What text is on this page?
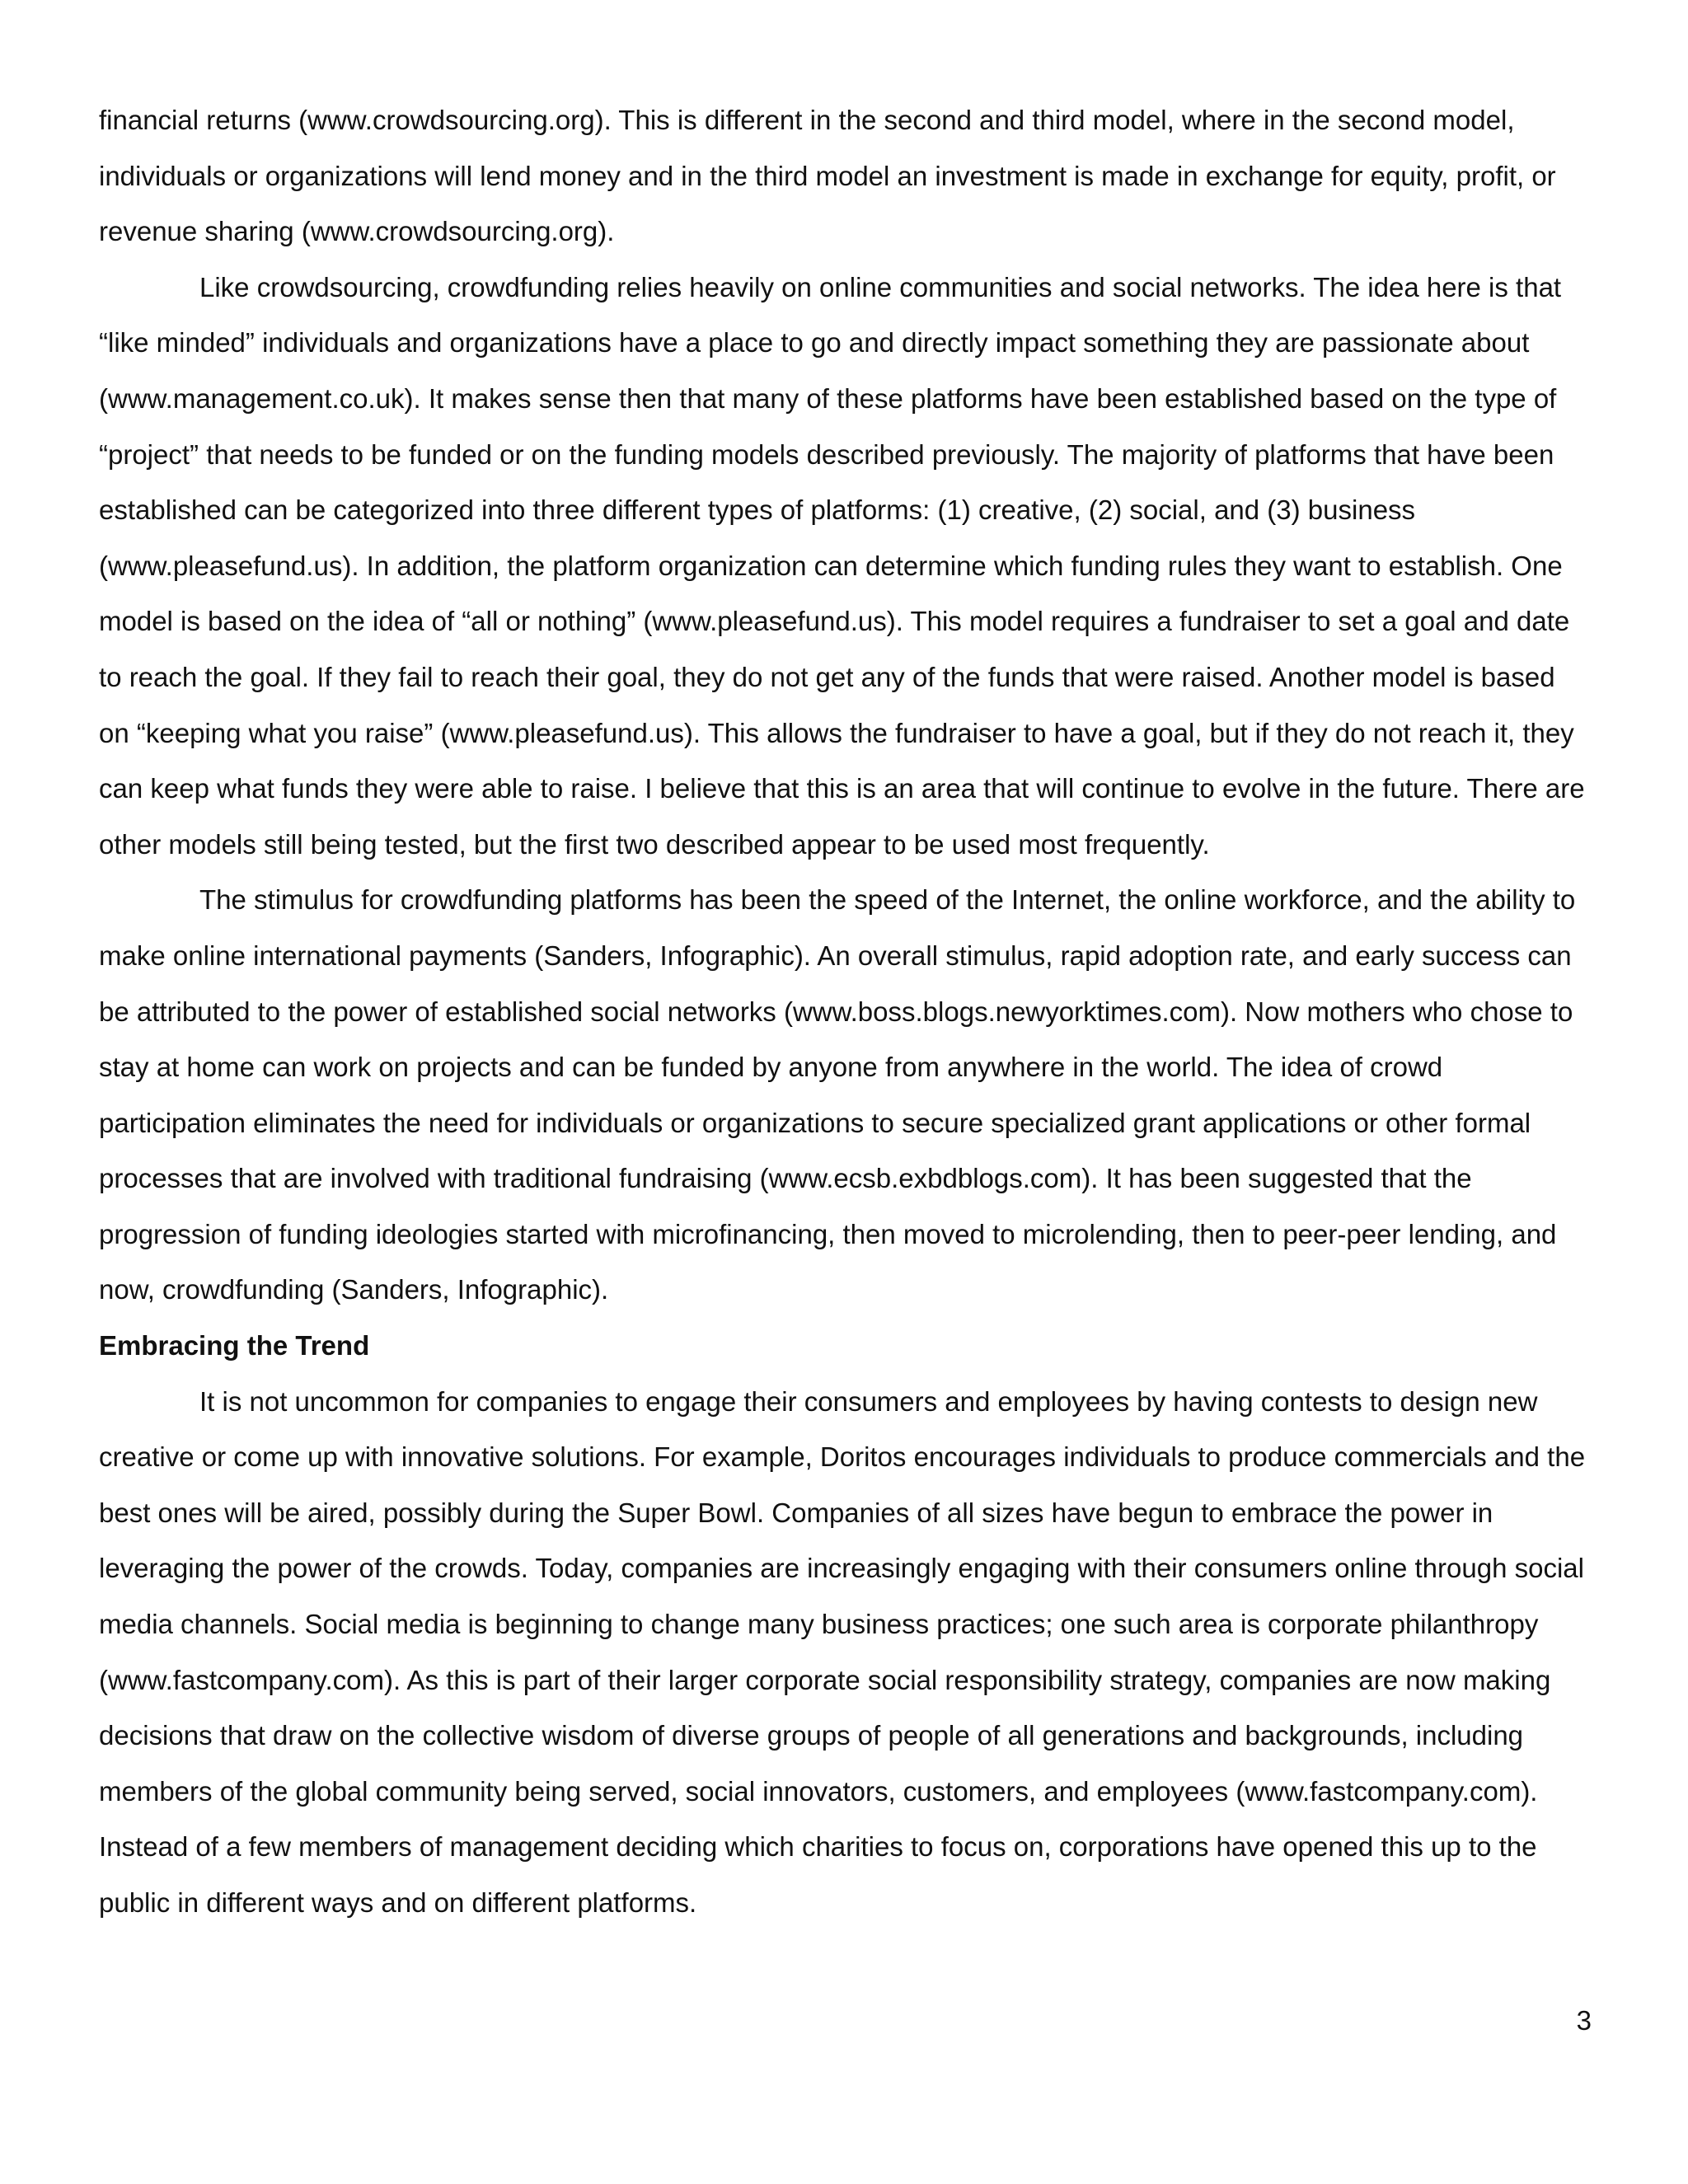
financial returns (www.crowdsourcing.org). This is different in the second and third model, where in the second model, individuals or organizations will lend money and in the third model an investment is made in exchange for equity, profit, or revenue sharing (www.crowdsourcing.org).

Like crowdsourcing, crowdfunding relies heavily on online communities and social networks. The idea here is that “like minded” individuals and organizations have a place to go and directly impact something they are passionate about (www.management.co.uk). It makes sense then that many of these platforms have been established based on the type of “project” that needs to be funded or on the funding models described previously. The majority of platforms that have been established can be categorized into three different types of platforms: (1) creative, (2) social, and (3) business (www.pleasefund.us). In addition, the platform organization can determine which funding rules they want to establish. One model is based on the idea of “all or nothing” (www.pleasefund.us). This model requires a fundraiser to set a goal and date to reach the goal. If they fail to reach their goal, they do not get any of the funds that were raised. Another model is based on “keeping what you raise” (www.pleasefund.us). This allows the fundraiser to have a goal, but if they do not reach it, they can keep what funds they were able to raise. I believe that this is an area that will continue to evolve in the future. There are other models still being tested, but the first two described appear to be used most frequently.

The stimulus for crowdfunding platforms has been the speed of the Internet, the online workforce, and the ability to make online international payments (Sanders, Infographic). An overall stimulus, rapid adoption rate, and early success can be attributed to the power of established social networks (www.boss.blogs.newyorktimes.com). Now mothers who chose to stay at home can work on projects and can be funded by anyone from anywhere in the world. The idea of crowd participation eliminates the need for individuals or organizations to secure specialized grant applications or other formal processes that are involved with traditional fundraising (www.ecsb.exbdblogs.com). It has been suggested that the progression of funding ideologies started with microfinancing, then moved to microlending, then to peer-peer lending, and now, crowdfunding (Sanders, Infographic).

Embracing the Trend

It is not uncommon for companies to engage their consumers and employees by having contests to design new creative or come up with innovative solutions. For example, Doritos encourages individuals to produce commercials and the best ones will be aired, possibly during the Super Bowl. Companies of all sizes have begun to embrace the power in leveraging the power of the crowds. Today, companies are increasingly engaging with their consumers online through social media channels. Social media is beginning to change many business practices; one such area is corporate philanthropy (www.fastcompany.com). As this is part of their larger corporate social responsibility strategy, companies are now making decisions that draw on the collective wisdom of diverse groups of people of all generations and backgrounds, including members of the global community being served, social innovators, customers, and employees (www.fastcompany.com). Instead of a few members of management deciding which charities to focus on, corporations have opened this up to the public in different ways and on different platforms.

3
